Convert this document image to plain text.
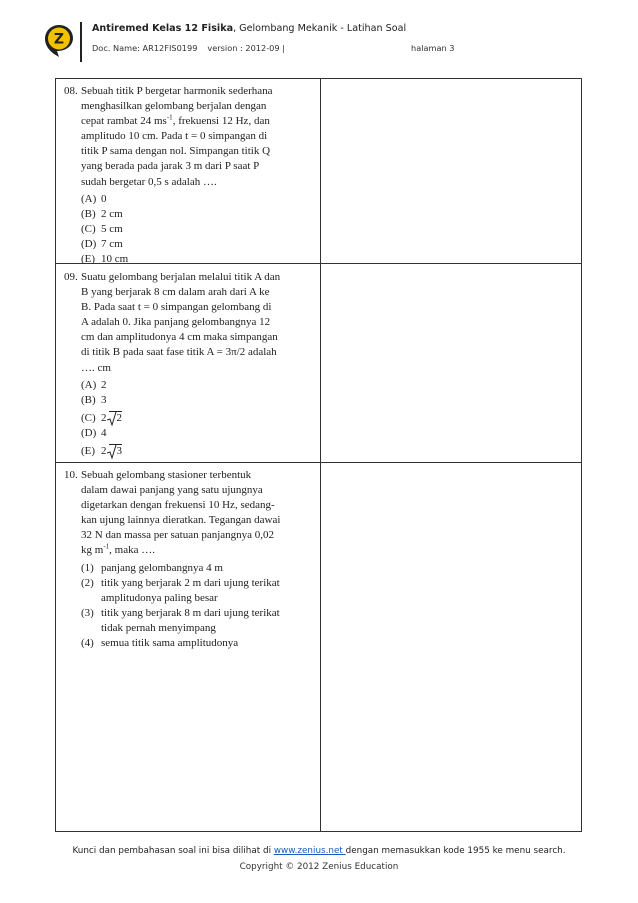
Z
Antiremed Kelas 12 Fisika, Gelombang Mekanik - Latihan Soal
Doc. Name: AR12FIS0199 version : 2012-09 |	halaman 3
08. Sebuah titik P bergetar harmonik sederhana
menghasilkan gelombang berjalan dengan
cepat rambat 24 $ms^{-1}$, frekuensi 12 Hz, dan
amplitudo 10 cm. Pada t = 0 simpangan di
titik P sama dengan nol. Simpangan titik Q
yang berada pada jarak 3 m dari P saat P
sudah bergetar 0,5 s adalah ….
(A) 0
(B) 2 cm
(C) 5 cm
(D) 7 cm
(E) 10 cm
09. Suatu gelombang berjalan melalui titik A dan
B yang berjarak 8 cm dalam arah dari A ke
B. Pada saat t = 0 simpangan gelombang di
A adalah 0. Jika panjang gelombangnya 12
cm dan amplitudonya 4 cm maka simpangan
di titik B pada saat fase titik A = 3π/2 adalah
…. cm
(A) 2
(B) 3
(C) 2 2
(D) 4
(E) 2 3
10. Sebuah gelombang stasioner terbentuk
dalam dawai panjang yang satu ujungnya
digetarkan dengan frekuensi 10 Hz, sedang-
kan ujung lainnya dieratkan. Tegangan dawai
32 N dan massa per satuan panjangnya 0,02
kg $m^{-1}$, maka ….
(1) panjang gelombangnya 4 m
(2) titik yang berjarak 2 m dari ujung terikat
amplitudonya paling besar
(3) titik yang berjarak 8 m dari ujung terikat
tidak pernah menyimpang
(4) semua titik sama amplitudonya
Kunci dan pembahasan soal ini bisa dilihat di www.zenius.net dengan memasukkan kode 1955 ke menu search.
Copyright © 2012 Zenius Education
